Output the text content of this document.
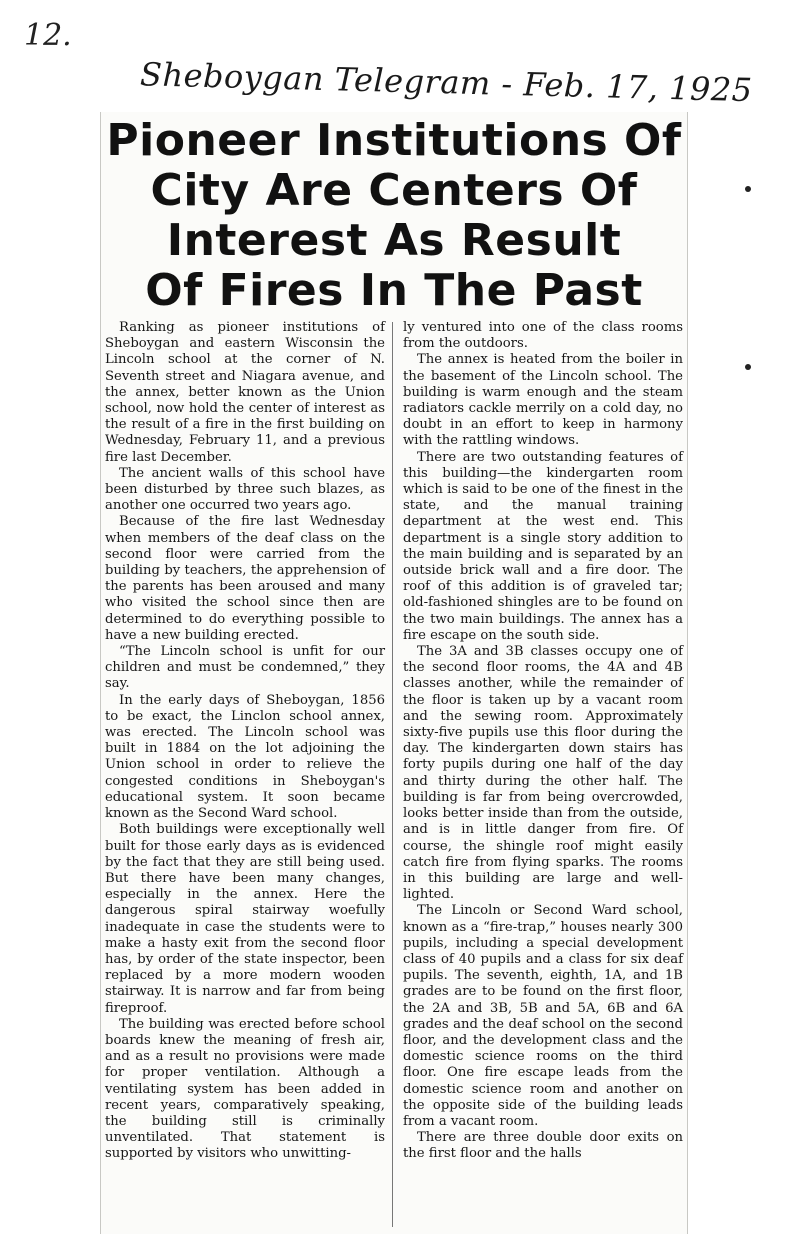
12.
Sheboygan Telegram - Feb. 17, 1925
Pioneer Institutions Of
City Are Centers Of
Interest As Result
Of Fires In The Past

Ranking as pioneer institutions of Sheboygan and eastern Wisconsin the Lincoln school at the corner of N. Seventh street and Niagara avenue, and the annex, better known as the Union school, now hold the center of interest as the result of a fire in the first building on Wednesday, February 11, and a previous fire last December.

The ancient walls of this school have been disturbed by three such blazes, as another one occurred two years ago.

Because of the fire last Wednesday when members of the deaf class on the second floor were carried from the building by teachers, the apprehension of the parents has been aroused and many who visited the school since then are determined to do everything possible to have a new building erected.

“The Lincoln school is unfit for our children and must be condemned,” they say.

In the early days of Sheboygan, 1856 to be exact, the Linclon school annex, was erected. The Lincoln school was built in 1884 on the lot adjoining the Union school in order to relieve the congested conditions in Sheboygan's educational system. It soon became known as the Second Ward school.

Both buildings were exceptionally well built for those early days as is evidenced by the fact that they are still being used. But there have been many changes, especially in the annex. Here the dangerous spiral stairway woefully inadequate in case the students were to make a hasty exit from the second floor has, by order of the state inspector, been replaced by a more modern wooden stairway. It is narrow and far from being fireproof.

The building was erected before school boards knew the meaning of fresh air, and as a result no provisions were made for proper ventilation. Although a ventilating system has been added in recent years, comparatively speaking, the building still is criminally unventilated. That statement is supported by visitors who unwitting-

ly ventured into one of the class rooms from the outdoors.

The annex is heated from the boiler in the basement of the Lincoln school. The building is warm enough and the steam radiators cackle merrily on a cold day, no doubt in an effort to keep in harmony with the rattling windows.

There are two outstanding features of this building—the kindergarten room which is said to be one of the finest in the state, and the manual training department at the west end. This department is a single story addition to the main building and is separated by an outside brick wall and a fire door. The roof of this addition is of graveled tar; old-fashioned shingles are to be found on the two main buildings. The annex has a fire escape on the south side.

The 3A and 3B classes occupy one of the second floor rooms, the 4A and 4B classes another, while the remainder of the floor is taken up by a vacant room and the sewing room. Approximately sixty-five pupils use this floor during the day. The kindergarten down stairs has forty pupils during one half of the day and thirty during the other half. The building is far from being overcrowded, looks better inside than from the outside, and is in little danger from fire. Of course, the shingle roof might easily catch fire from flying sparks. The rooms in this building are large and well-lighted.

The Lincoln or Second Ward school, known as a “fire-trap,” houses nearly 300 pupils, including a special development class of 40 pupils and a class for six deaf pupils. The seventh, eighth, 1A, and 1B grades are to be found on the first floor, the 2A and 3B, 5B and 5A, 6B and 6A grades and the deaf school on the second floor, and the development class and the domestic science rooms on the third floor. One fire escape leads from the domestic science room and another on the opposite side of the building leads from a vacant room.

There are three double door exits on the first floor and the halls
